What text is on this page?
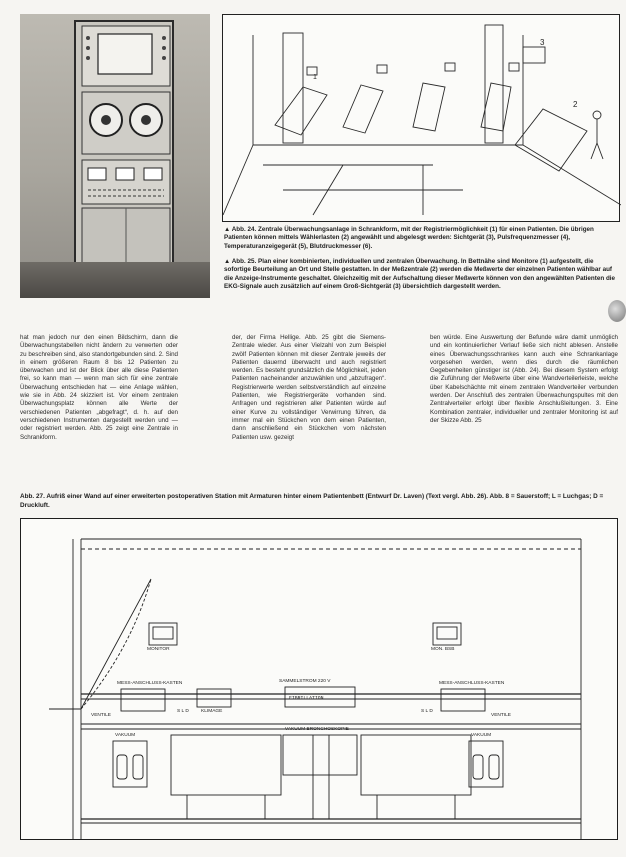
3
1
2
▲ Abb. 24. Zentrale Überwachungsanlage in Schrankform, mit der Registriermöglichkeit (1) für einen Patienten. Die übrigen Patienten können mittels Wählerlasten (2) angewählt und abgelesgt werden: Sichtgerät (3), Pulsfrequenzmesser (4), Temperaturanzeigegerät (5), Blutdruckmesser (6).
▲ Abb. 25. Plan einer kombinierten, individuellen und zentralen Überwachung. In Bettnähe sind Monitore (1) aufgestellt, die sofortige Beurteilung an Ort und Stelle gestatten. In der Meßzentrale (2) werden die Meßwerte der einzelnen Patienten wählbar auf die Anzeige-Instrumente geschaltet. Gleichzeitig mit der Aufschaltung dieser Meßwerte können von den angewählten Patienten die EKG-Signale auch zusätzlich auf einem Groß-Sichtgerät (3) übersichtlich dargestellt werden.
hat man jedoch nur den einen Bildschirm, dann die Überwachungstabellen nicht ändern zu verwerten oder zu beschreiben sind, also standortgebunden sind. 2. Sind in einem größeren Raum 8 bis 12 Patienten zu überwachen und ist der Blick über alle diese Patienten frei, so kann man — wenn man sich für eine zentrale Überwachung entschieden hat — eine Anlage wählen, wie sie in Abb. 24 skizziert ist. Vor einem zentralen Überwachungsplatz können alle Werte der verschiedenen Patienten „abgefragt“, d. h. auf den verschiedenen Instrumenten dargestellt werden und — oder registriert werden. Abb. 25 zeigt eine Zentrale in Schrankform.
der, der Firma Hellige. Abb. 25 gibt die Siemens-Zentrale wieder. Aus einer Vielzahl von zum Beispiel zwölf Patienten können mit dieser Zentrale jeweils der Patienten dauernd überwacht und auch registriert werden. Es besteht grundsätzlich die Möglichkeit, jeden Patienten nacheinander anzuwählen und „abzufragen“. Registrierwerte werden selbstverständlich auf einzelne Patienten, wie Registriergeräte vorhanden sind. Anfragen und registrieren aller Patienten würde auf einer Kurve zu vollständiger Verwirrung führen, da immer mal ein Stückchen von dem einen Patienten, dann anschließend ein Stückchen vom nächsten Patienten usw. gezeigt
ben würde. Eine Auswertung der Befunde wäre damit unmöglich und ein kontinuierlicher Verlauf ließe sich nicht ablesen. Anstelle eines Überwachungsschrankes kann auch eine Schrankanlage vorgesehen werden, wenn dies durch die räumlichen Gegebenheiten günstiger ist (Abb. 24). Bei diesem System erfolgt die Zuführung der Meßwerte über eine Wandverteilerleiste, welche über Kabelschächte mit einem zentralen Wandverteiler verbunden werden. Der Anschluß des zentralen Überwachungspultes mit den Zentralverteiler erfolgt über flexible Anschlußleitungen. 3. Eine Kombination zentraler, individueller und zentraler Monitoring ist auf der Skizze Abb. 25
Abb. 27. Aufriß einer Wand auf einer erweiterten postoperativen Station mit Armaturen hinter einem Patientenbett (Entwurf Dr. Laven) (Text vergl. Abb. 26). Abb. 8 = Sauerstoff; L = Luchgas; D = Druckluft.
MONITOR	MON. BSB
MESS-ANSCHLUSS-KASTEN	MESS-ANSCHLUSS-KASTEN
VENTILE	VENTILE
KLIMAGE
SAMMELSTROM 220 V
FIBRILLATION
VAKUUM	VAKUUM
VAKUUM BRONCHOSKOPIE
S L D	S L D
